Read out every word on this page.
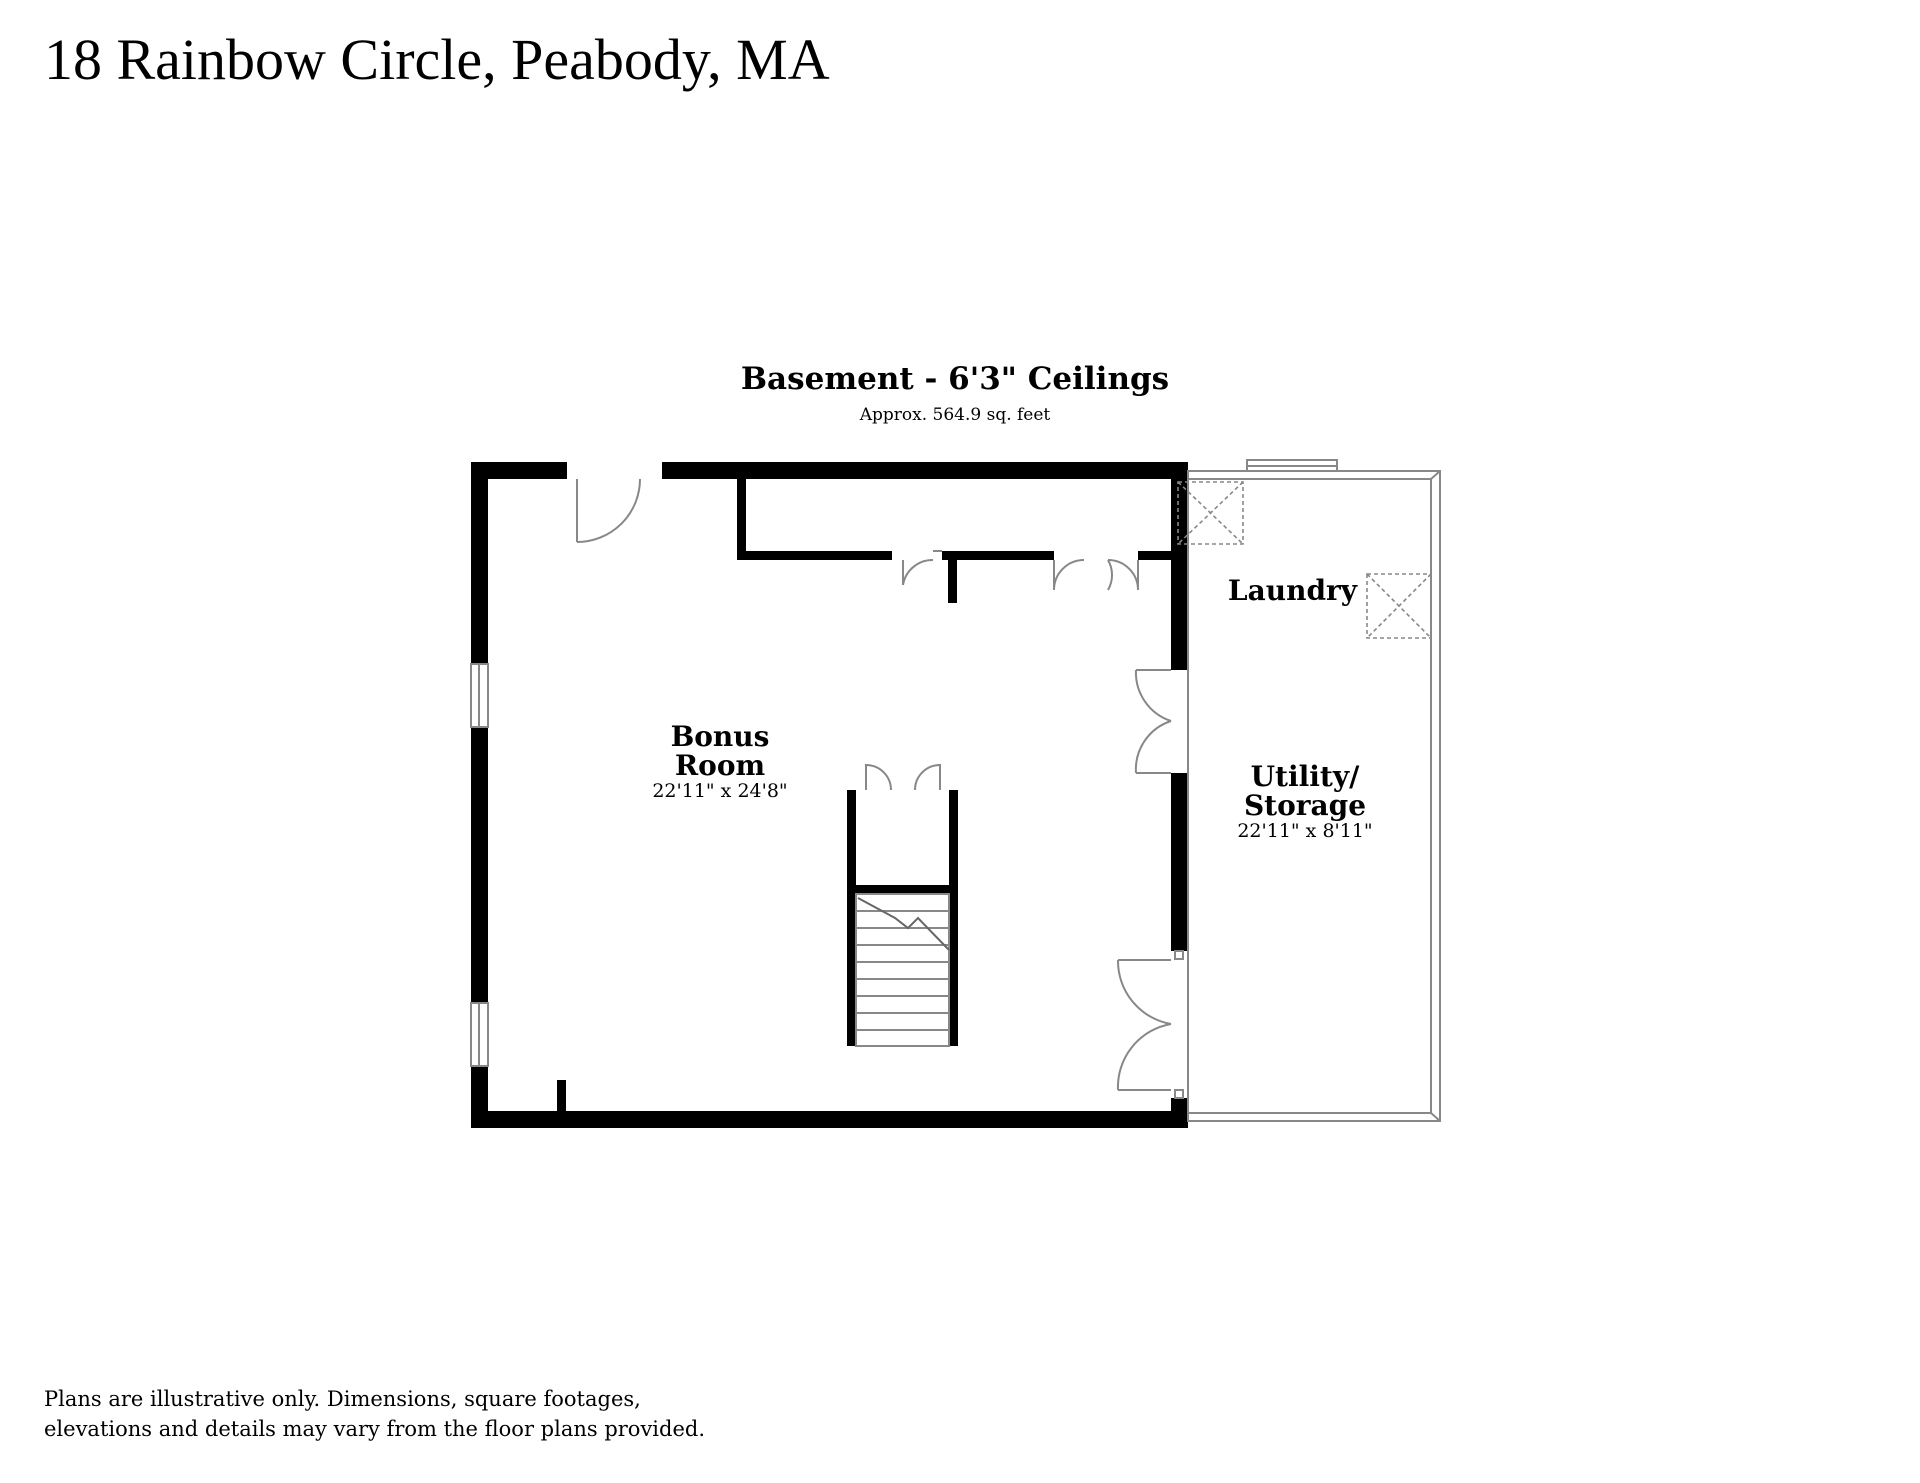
18 Rainbow Circle, Peabody, MA
Basement - 6'3" Ceilings
Approx. 564.9 sq. feet
Bonus
Room
22'11" x 24'8"
Laundry
Utility/
Storage
22'11" x 8'11"
Plans are illustrative only. Dimensions, square footages,
elevations and details may vary from the floor plans provided.
